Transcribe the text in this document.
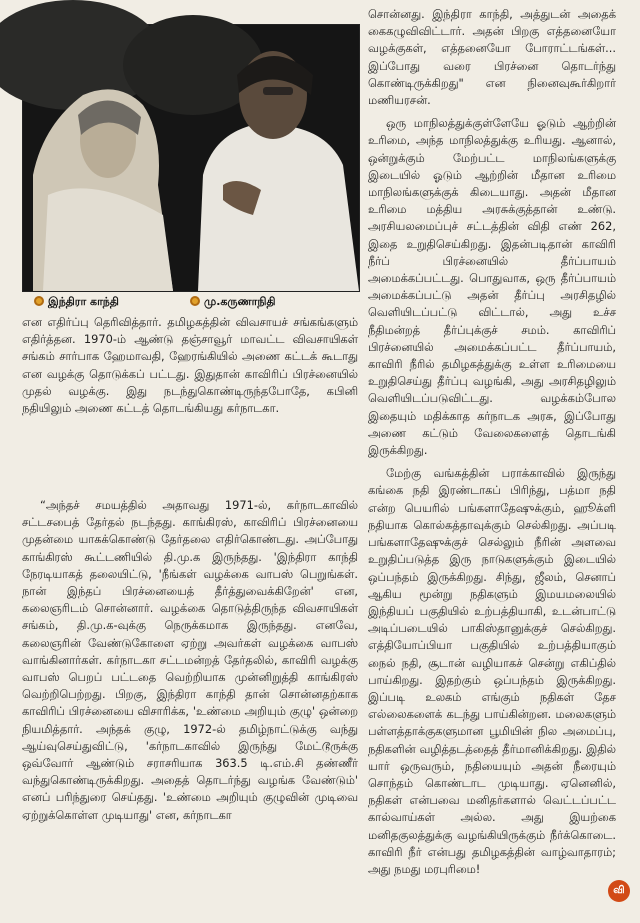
இந்திரா காந்தி	மு.கருணாநிதி

என எதிர்ப்பு தெரிவித்தார். தமிழகத்தின் விவசாயச் சங்கங்களும் எதிர்த்தன. 1970-ம் ஆண்டு தஞ்சாவூர் மாவட்ட விவசாயிகள் சங்கம் சார்பாக ஹேமாவதி, ஹேரங்கியில் அணை கட்டக் கூடாது என வழக்கு தொடுக்கப் பட்டது. இதுதான் காவிரிப் பிரச்னையில் முதல் வழக்கு. இது நடந்துகொண்டிருந்தபோதே, கபினி நதியிலும் அணை கட்டத் தொடங்கியது கர்நாடகா.

“அந்தச் சமயத்தில் அதாவது 1971-ல், கர்நாடகாவில் சட்டசபைத் தேர்தல் நடந்தது. காங்கிரஸ், காவிரிப் பிரச்னையை முதன்மை யாகக்கொண்டு தேர்தலை எதிர்கொண்டது. அப்போது காங்கிரஸ் கூட்டணியில் தி.மு.க இருந்தது. 'இந்திரா காந்தி நேரடியாகத் தலையிட்டு, 'நீங்கள் வழக்கை வாபஸ் பெறுங்கள். நான் இந்தப் பிரச்னையைத் தீர்த்துவைக்கிறேன்' என, கலைஞரிடம் சொன்னார். வழக்கை தொடுத்திருந்த விவசாயிகள் சங்கம், தி.மு.க-வுக்கு நெருக்கமாக இருந்தது. எனவே, கலைஞரின் வேண்டுகோளை ஏற்று அவர்கள் வழக்கை வாபஸ் வாங்கினார்கள். கர்நாடகா சட்டமன்றத் தேர்தலில், காவிரி வழக்கு வாபஸ் பெறப் பட்டதை வெற்றியாக முன்னிறுத்தி காங்கிரஸ் வெற்றிபெற்றது. பிறகு, இந்திரா காந்தி தான் சொன்னதற்காக காவிரிப் பிரச்னையை விசாரிக்க, 'உண்மை அறியும் குழு' ஒன்றை நியமித்தார். அந்தக் குழு, 1972-ல் தமிழ்நாட்டுக்கு வந்து ஆய்வுசெய்துவிட்டு, 'கர்நாடகாவில் இருந்து மேட்டூருக்கு ஒவ்வோர் ஆண்டும் சராசரியாக 363.5 டி.எம்.சி தண்ணீர் வந்துகொண்டிருக்கிறது. அதைத் தொடர்ந்து வழங்க வேண்டும்' எனப் பரிந்துரை செய்தது. 'உண்மை அறியும் குழுவின் முடிவை ஏற்றுக்கொள்ள முடியாது' என, கர்நாடகா

சொன்னது. இந்திரா காந்தி, அத்துடன் அதைக் கைகழுவிவிட்டார். அதன் பிறகு எத்தனையோ வழக்குகள், எத்தனையோ போராட்டங்கள்... இப்போது வரை பிரச்னை தொடர்ந்து கொண்டிருக்கிறது" என நினைவுகூர்கிறார் மணியரசன்.

ஒரு மாநிலத்துக்குள்ளேயே ஓடும் ஆற்றின் உரிமை, அந்த மாநிலத்துக்கு உரியது. ஆனால், ஒன்றுக்கும் மேற்பட்ட மாநிலங்களுக்கு இடையில் ஓடும் ஆற்றின் மீதான உரிமை மாநிலங்களுக்குக் கிடையாது. அதன் மீதான உரிமை மத்திய அரசுக்குத்தான் உண்டு. அரசியலமைப்புச் சட்டத்தின் விதி எண் 262, இதை உறுதிசெய்கிறது. இதன்படிதான் காவிரி நீர்ப் பிரச்னையில் தீர்ப்பாயம் அமைக்கப்பட்டது. பொதுவாக, ஒரு தீர்ப்பாயம் அமைக்கப்பட்டு அதன் தீர்ப்பு அரசிதழில் வெளியிடப்பட்டு விட்டால், அது உச்ச நீதிமன்றத் தீர்ப்புக்குச் சமம். காவிரிப் பிரச்னையில் அமைக்கப்பட்ட தீர்ப்பாயம், காவிரி நீரில் தமிழகத்துக்கு உள்ள உரிமையை உறுதிசெய்து தீர்ப்பு வழங்கி, அது அரசிதழிலும் வெளியிடப்படுவிட்டது. வழக்கம்போல இதையும் மதிக்காத கர்நாடக அரசு, இப்போது அணை கட்டும் வேலைகளைத் தொடங்கி இருக்கிறது.

மேற்கு வங்கத்தின் பராக்காவில் இருந்து கங்கை நதி இரண்டாகப் பிரிந்து, பத்மா நதி என்ற பெயரில் பங்களாதேஷுக்கும், ஹூக்ளி நதியாக கொல்கத்தாவுக்கும் செல்கிறது. அப்படி பங்களாதேஷுக்குச் செல்லும் நீரின் அளவை உறுதிப்படுத்த இரு நாடுகளுக்கும் இடையில் ஒப்பந்தம் இருக்கிறது. சிந்து, ஜீலம், செனாப் ஆகிய மூன்று நதிகளும் இமயமலையில் இந்தியப் பகுதியில் உற்பத்தியாகி, உடன்பாட்டு அடிப்படையில் பாகிஸ்தானுக்குச் செல்கிறது. எத்தியோப்பியா பகுதியில் உற்பத்தியாகும் நைல் நதி, சூடான் வழியாகச் சென்று எகிப்தில் பாய்கிறது. இதற்கும் ஒப்பந்தம் இருக்கிறது. இப்படி உலகம் எங்கும் நதிகள் தேச எல்லைகளைக் கடந்து பாய்கின்றன. மலைகளும் பள்ளத்தாக்குகளுமான பூமியின் நில அமைப்பு, நதிகளின் வழித்தடத்தைத் தீர்மானிக்கிறது. இதில் யார் ஒருவரும், நதியையும் அதன் நீரையும் சொந்தம் கொண்டாட முடியாது. ஏனெனில், நதிகள் என்பவை மனிதர்களால் வெட்டப்பட்ட கால்வாய்கள் அல்ல. அது இயற்கை மனிதகுலத்துக்கு வழங்கியிருக்கும் நீர்க்கொடை. காவிரி நீர் என்பது தமிழகத்தின் வாழ்வாதாரம்; அது நமது மரபுரிமை!

வி
